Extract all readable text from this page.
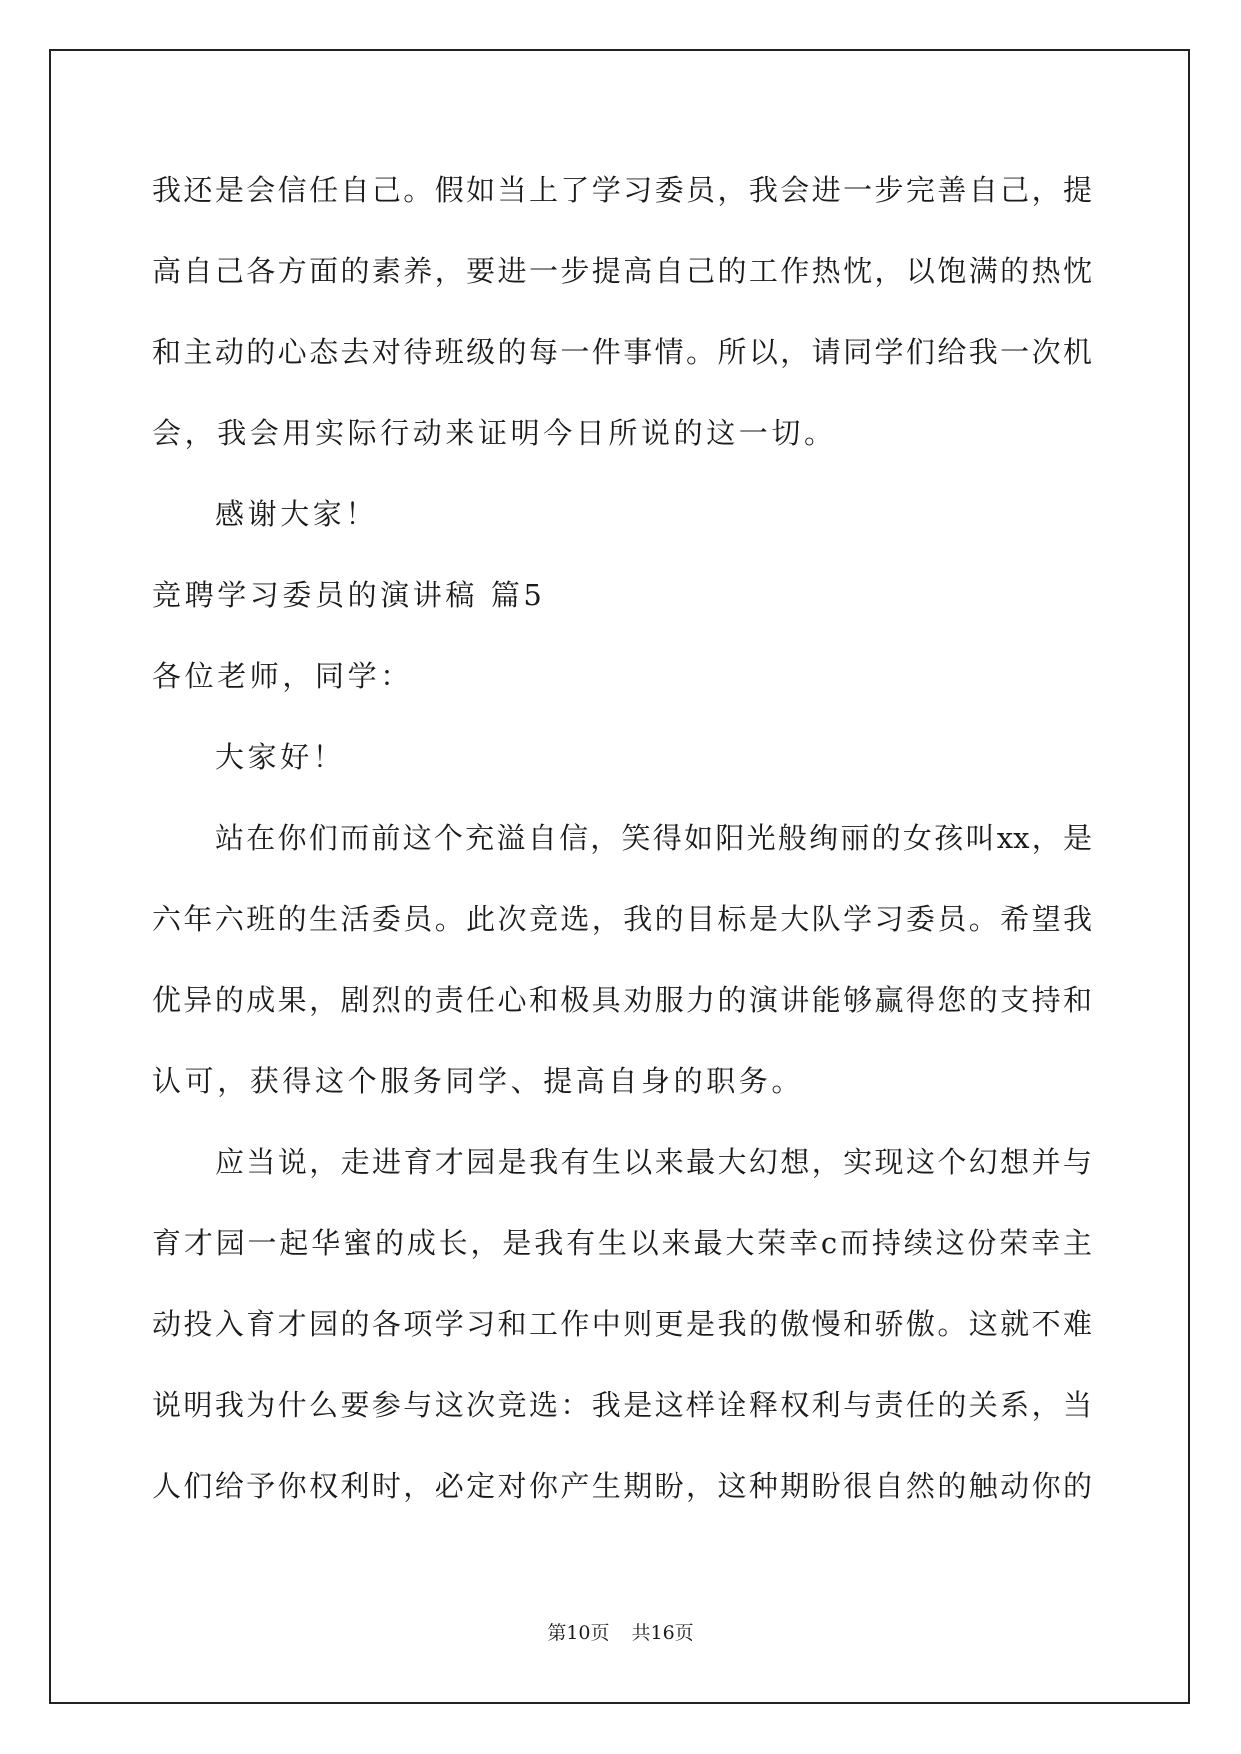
我还是会信任自己。假如当上了学习委员，我会进一步完善自己，提
高自己各方面的素养，要进一步提高自己的工作热忱，以饱满的热忱
和主动的心态去对待班级的每一件事情。所以，请同学们给我一次机
会，我会用实际行动来证明今日所说的这一切。
感谢大家！
竞聘学习委员的演讲稿 篇5
各位老师，同学：
大家好！
站在你们而前这个充溢自信，笑得如阳光般绚丽的女孩叫xx，是
六年六班的生活委员。此次竞选，我的目标是大队学习委员。希望我
优异的成果，剧烈的责任心和极具劝服力的演讲能够赢得您的支持和
认可，获得这个服务同学、提高自身的职务。
应当说，走进育才园是我有生以来最大幻想，实现这个幻想并与
育才园一起华蜜的成长，是我有生以来最大荣幸c而持续这份荣幸主
动投入育才园的各项学习和工作中则更是我的傲慢和骄傲。这就不难
说明我为什么要参与这次竞选：我是这样诠释权利与责任的关系，当
人们给予你权利时，必定对你产生期盼，这种期盼很自然的触动你的
第10页 共16页
